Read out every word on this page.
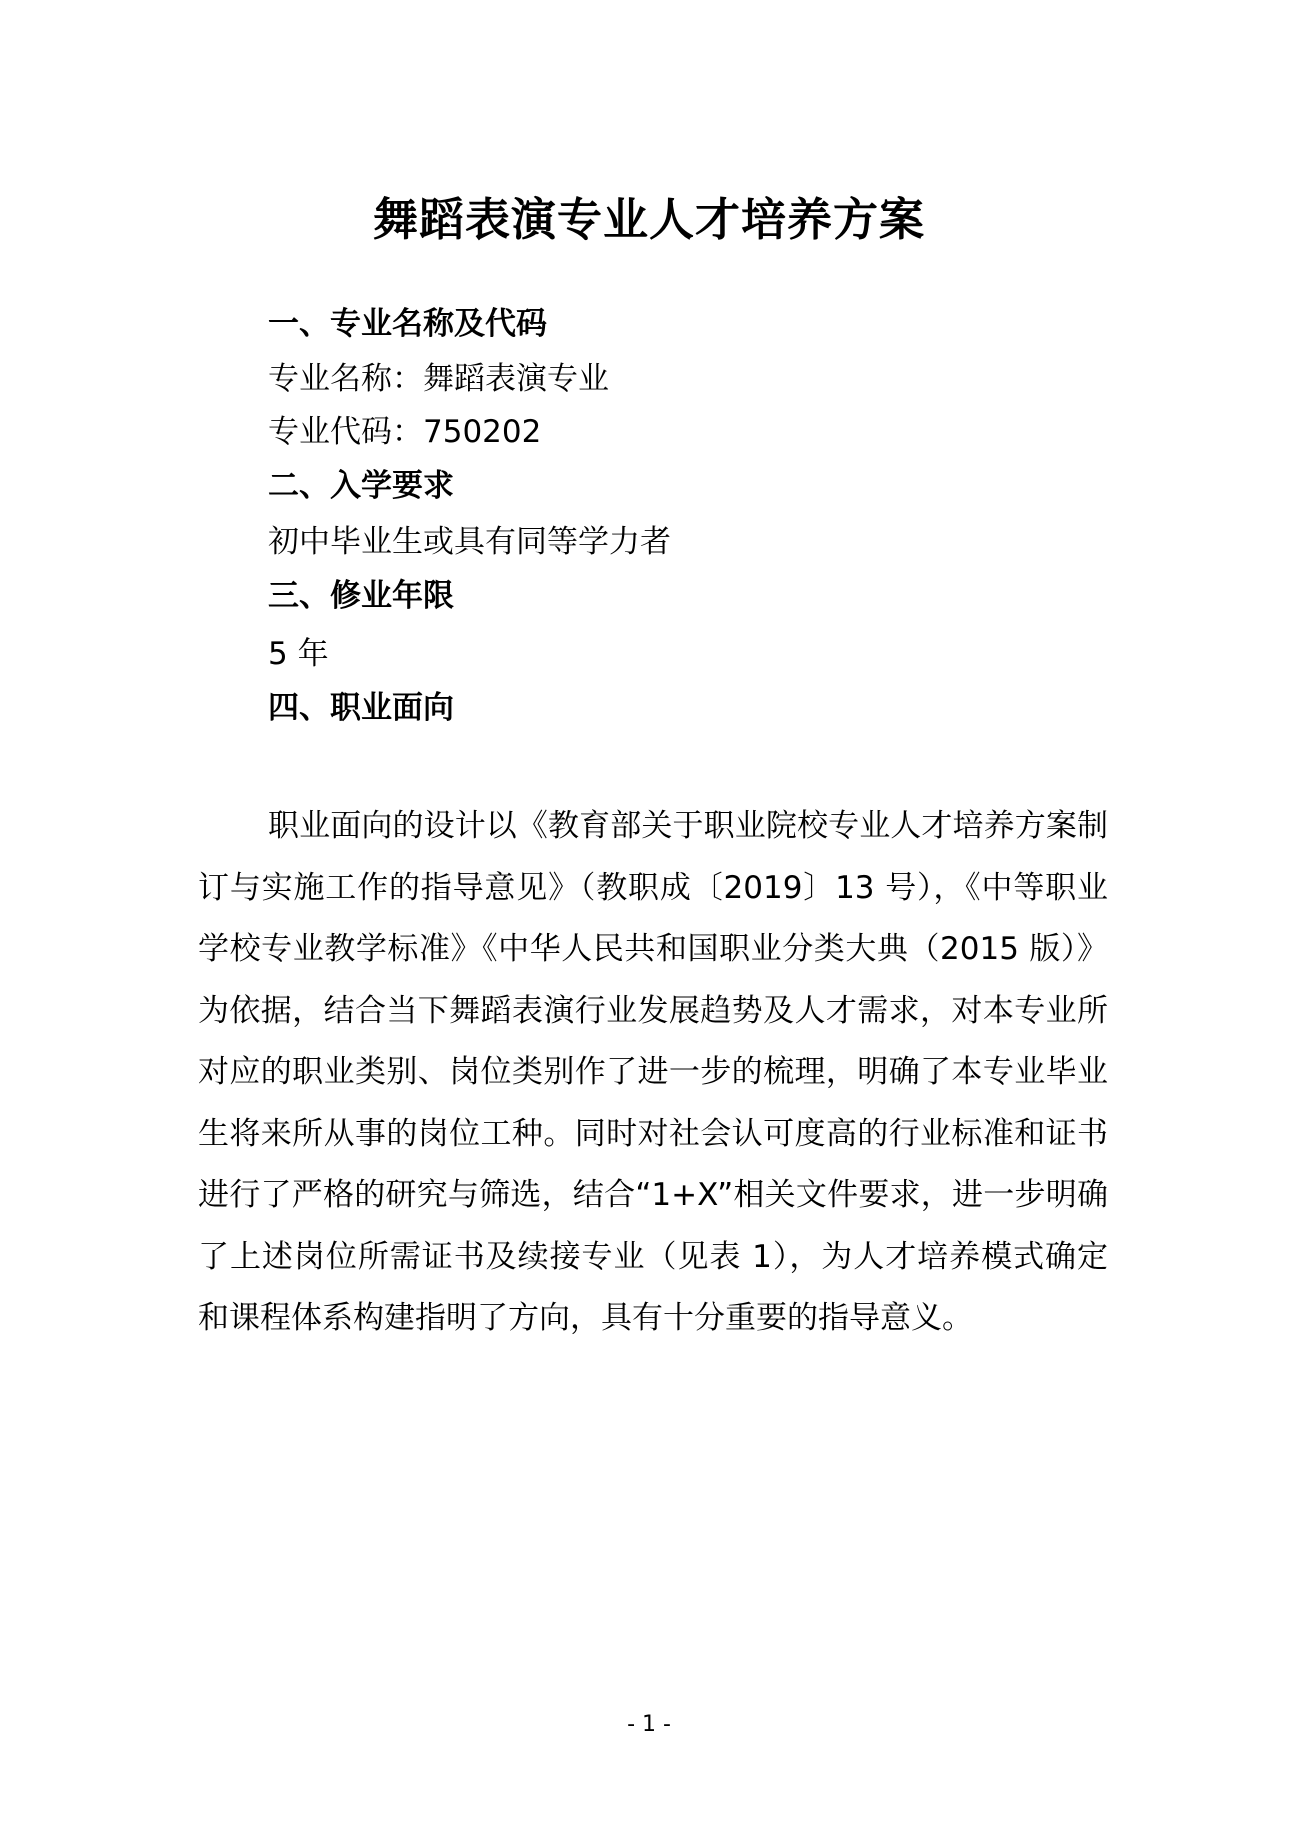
舞蹈表演专业人才培养方案
一、专业名称及代码
专业名称：舞蹈表演专业
专业代码：750202
二、入学要求
初中毕业生或具有同等学力者
三、修业年限
5 年
四、职业面向
职业面向的设计以《教育部关于职业院校专业人才培养方案制订与实施工作的指导意见》（教职成〔2019〕13 号），《中等职业学校专业教学标准》《中华人民共和国职业分类大典（2015 版）》为依据，结合当下舞蹈表演行业发展趋势及人才需求，对本专业所对应的职业类别、岗位类别作了进一步的梳理，明确了本专业毕业生将来所从事的岗位工种。同时对社会认可度高的行业标准和证书进行了严格的研究与筛选，结合“1+X”相关文件要求，进一步明确了上述岗位所需证书及续接专业（见表 1），为人才培养模式确定和课程体系构建指明了方向，具有十分重要的指导意义。
- 1 -
